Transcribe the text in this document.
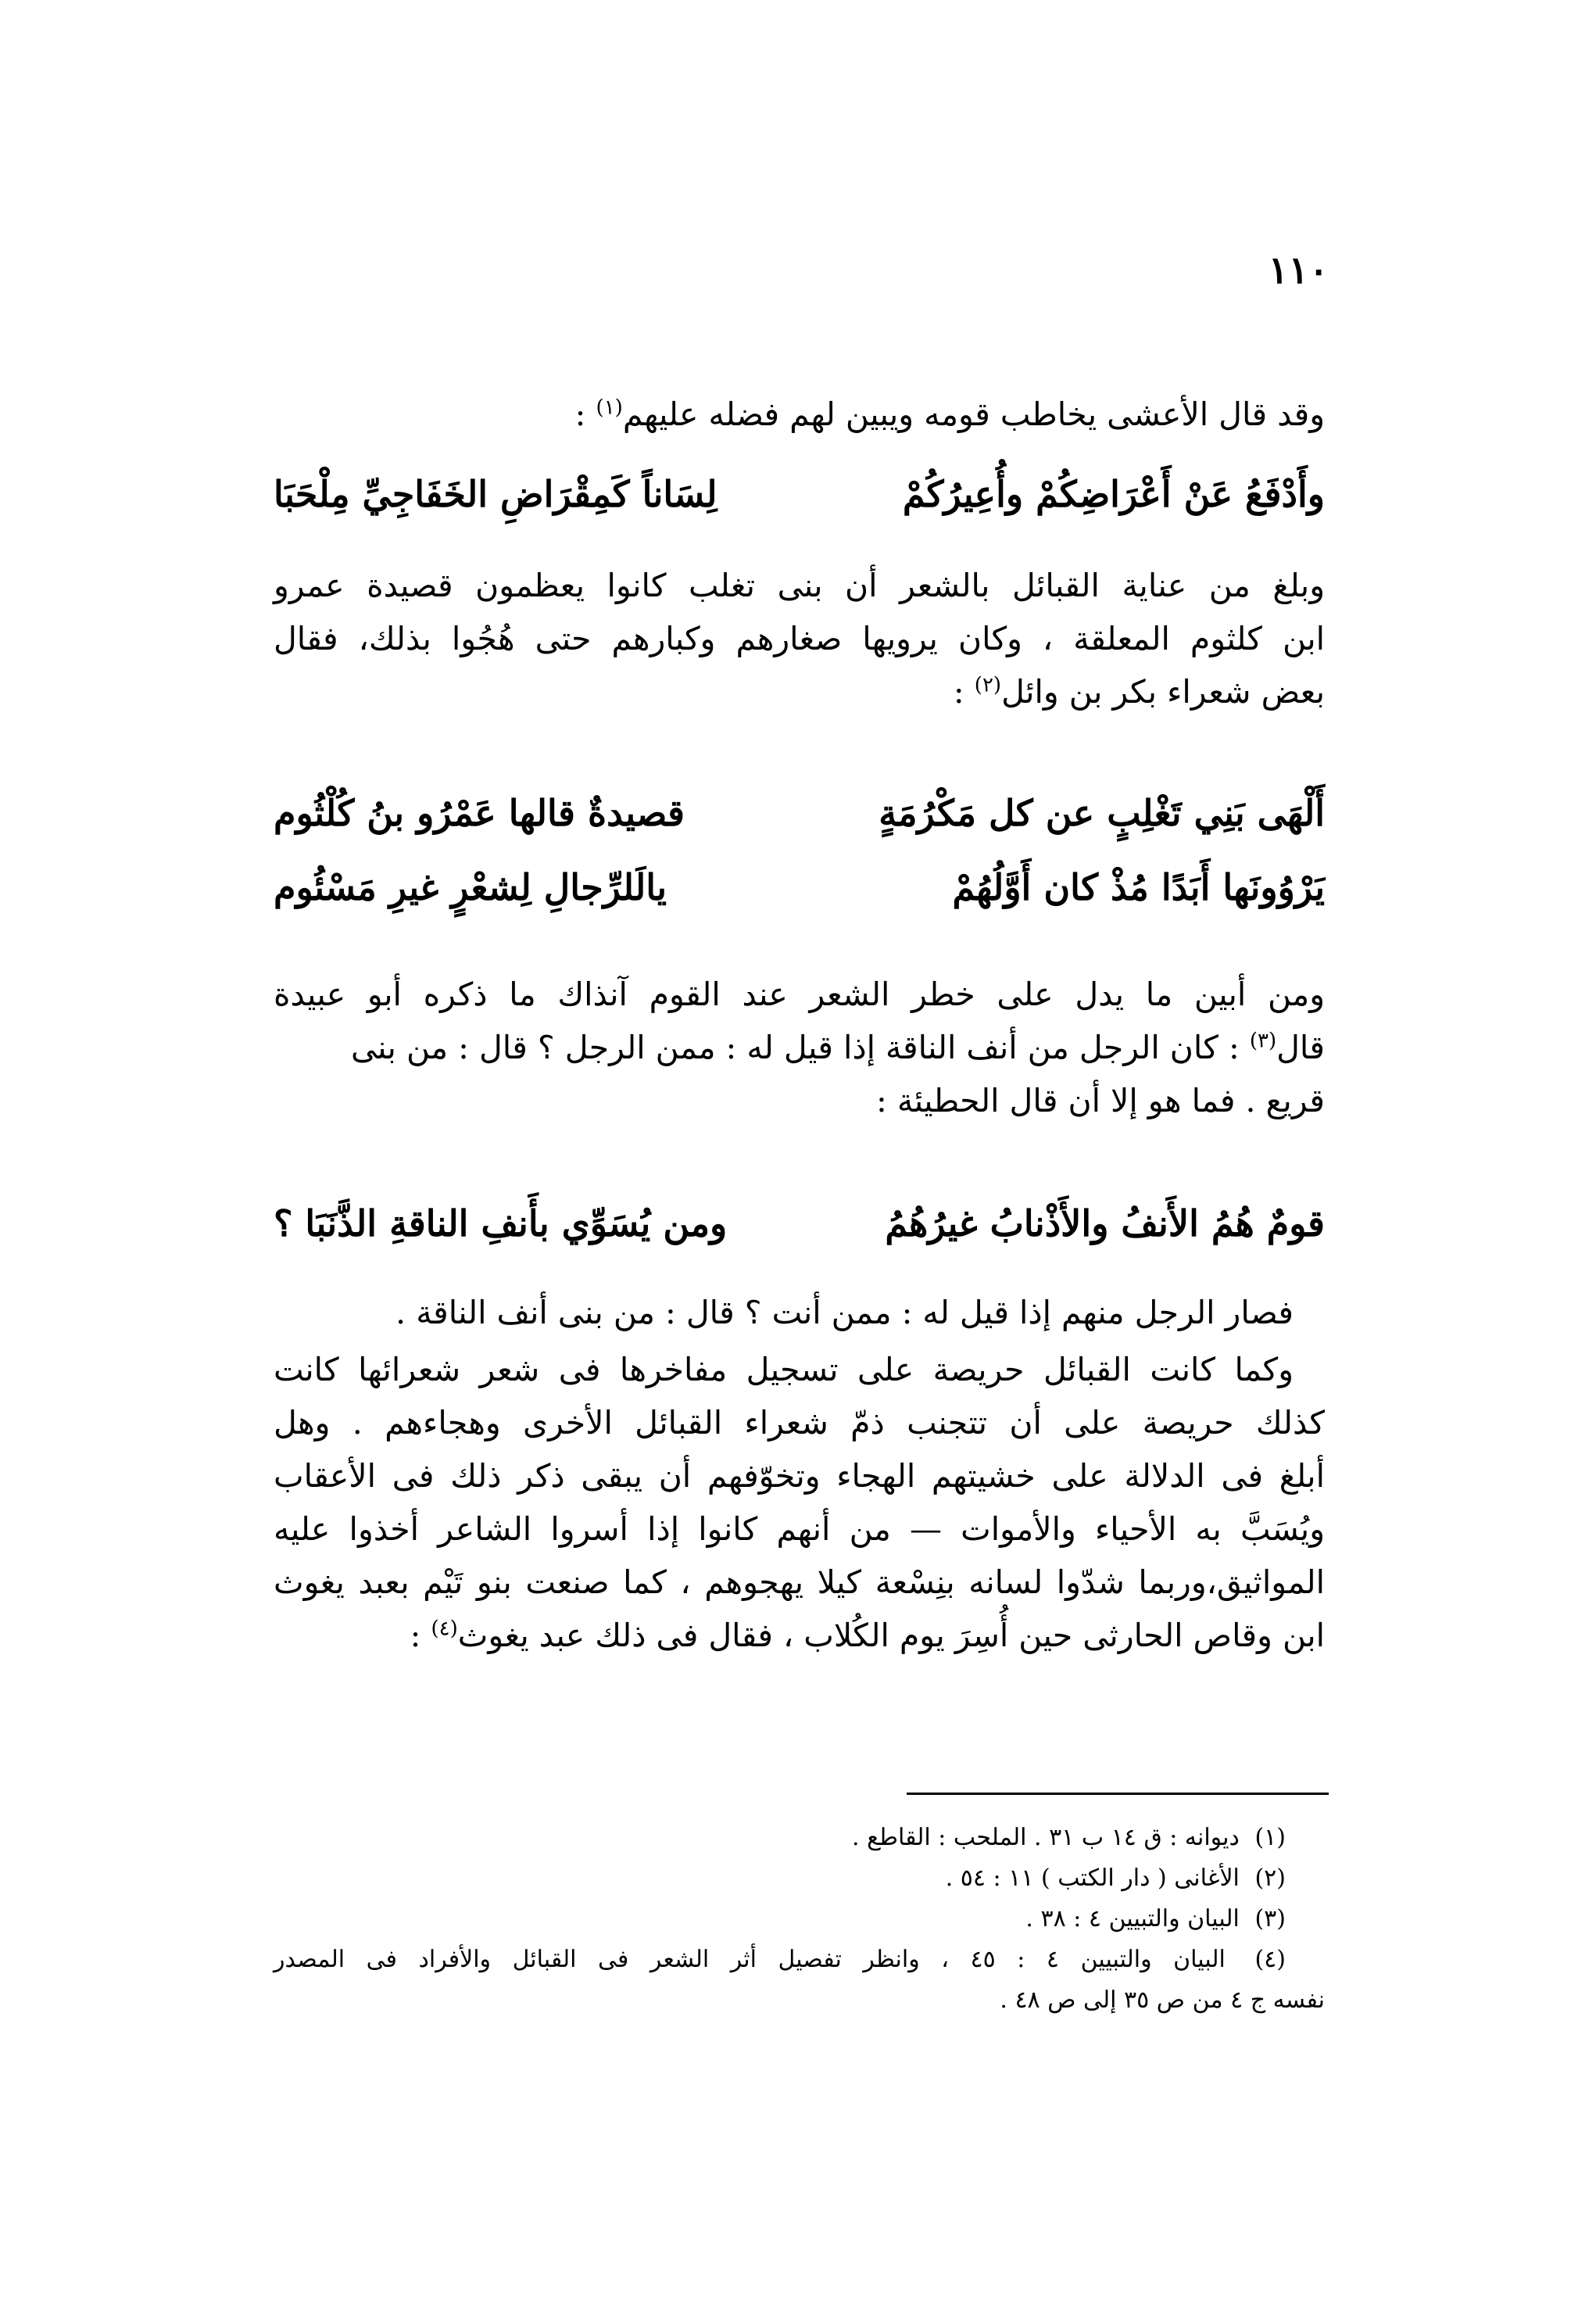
١١٠
وقد قال الأعشى يخاطب قومه ويبين لهم فضله عليهم$^{(١)}$ :
وأَدْفَعُ عَنْ أَعْرَاضِكُمْ وأُعِيرُكُمْ
لِسَاناً كَمِقْرَاضِ الخَفَاجِيِّ مِلْحَبَا
وبلغ من عناية القبائل بالشعر أن بنى تغلب كانوا يعظمون قصيدة عمرو
ابن كلثوم المعلقة ، وكان يرويها صغارهم وكبارهم حتى هُجُوا بذلك، فقال
بعض شعراء بكر بن وائل$^{(٢)}$ :
أَلْهَى بَنِي تَغْلِبٍ عن كل مَكْرُمَةٍ
قصيدةٌ قالها عَمْرُو بنُ كُلْثُوم
يَرْوُونَها أَبَدًا مُذْ كان أَوَّلُهُمْ
يالَلرِّجالِ لِشعْرٍ غيرِ مَسْئُوم
ومن أبين ما يدل على خطر الشعر عند القوم آنذاك ما ذكره أبو عبيدة
قال$^{(٣)}$ : كان الرجل من أنف الناقة إذا قيل له : ممن الرجل ؟ قال : من بنى
قريع . فما هو إلا أن قال الحطيئة :
قومٌ هُمُ الأَنفُ والأَذْنابُ غيرُهُمُ
ومن يُسَوِّي بأَنفِ الناقةِ الذَّنَبَا ؟
فصار الرجل منهم إذا قيل له : ممن أنت ؟ قال : من بنى أنف الناقة .
وكما كانت القبائل حريصة على تسجيل مفاخرها فى شعر شعرائها كانت
كذلك حريصة على أن تتجنب ذمّ شعراء القبائل الأخرى وهجاءهم . وهل
أبلغ فى الدلالة على خشيتهم الهجاء وتخوّفهم أن يبقى ذكر ذلك فى الأعقاب
ويُسَبَّ به الأحياء والأموات — من أنهم كانوا إذا أسروا الشاعر أخذوا عليه
المواثيق،وربما شدّوا لسانه بنِسْعة كيلا يهجوهم ، كما صنعت بنو تَيْم بعبد يغوث
ابن وقاص الحارثى حين أُسِرَ يوم الكُلاب ، فقال فى ذلك عبد يغوث$^{(٤)}$ :
(١) ديوانه : ق ١٤ ب ٣١ . الملحب : القاطع .
(٢) الأغانى ( دار الكتب ) ١١ : ٥٤ .
(٣) البيان والتبيين ٤ : ٣٨ .
(٤) البيان والتبيين ٤ : ٤٥ ، وانظر تفصيل أثر الشعر فى القبائل والأفراد فى المصدر
نفسه ج ٤ من ص ٣٥ إلى ص ٤٨ .
